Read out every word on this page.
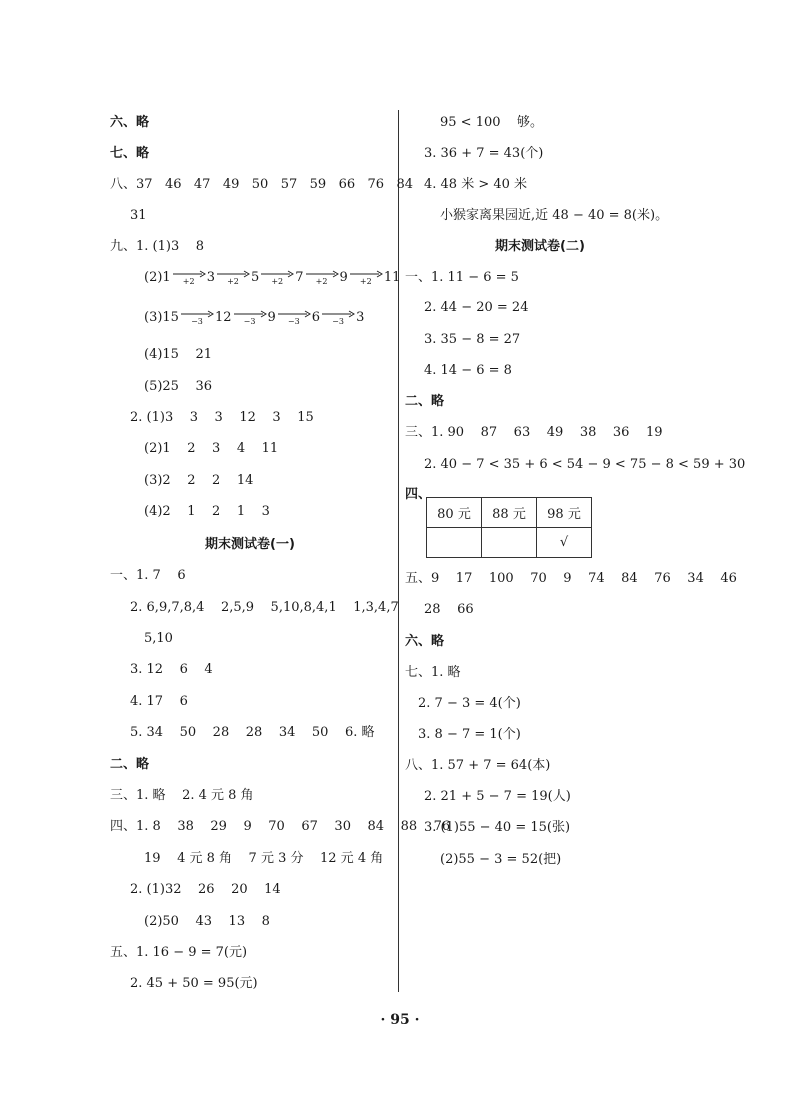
六、略
七、略
八、37   46   47   49   50   57   59   66   76   84
31
九、1. (1)3    8
(2)1 +2 3 +2 5 +2 7 +2 9 +2 11
(3)15 −3 12 −3 9 −3 6 −3 3
(4)15    21
(5)25    36
2. (1)3    3    3    12    3    15
(2)1    2    3    4    11
(3)2    2    2    14
(4)2    1    2    1    3
期末测试卷(一)
一、1. 7    6
2. 6,9,7,8,4    2,5,9    5,10,8,4,1    1,3,4,7
5,10
3. 12    6    4
4. 17    6
5. 34    50    28    28    34    50    6. 略
二、略
三、1. 略    2. 4 元 8 角
四、1. 8    38    29    9    70    67    30    84    88    76
19    4 元 8 角    7 元 3 分    12 元 4 角
2. (1)32    26    20    14
(2)50    43    13    8
五、1. 16 − 9 = 7(元)
2. 45 + 50 = 95(元)
95 < 100    够。
3. 36 + 7 = 43(个)
4. 48 米 > 40 米
小猴家离果园近,近 48 − 40 = 8(米)。
期末测试卷(二)
一、1. 11 − 6 = 5
2. 44 − 20 = 24
3. 35 − 8 = 27
4. 14 − 6 = 8
二、略
三、1. 90    87    63    49    38    36    19
2. 40 − 7 < 35 + 6 < 54 − 9 < 75 − 8 < 59 + 30
四、
80 元	88 元	98 元
		√
五、9    17    100    70    9    74    84    76    34    46
28    66
六、略
七、1. 略
2. 7 − 3 = 4(个)
3. 8 − 7 = 1(个)
八、1. 57 + 7 = 64(本)
2. 21 + 5 − 7 = 19(人)
3. (1)55 − 40 = 15(张)
(2)55 − 3 = 52(把)
· 95 ·
